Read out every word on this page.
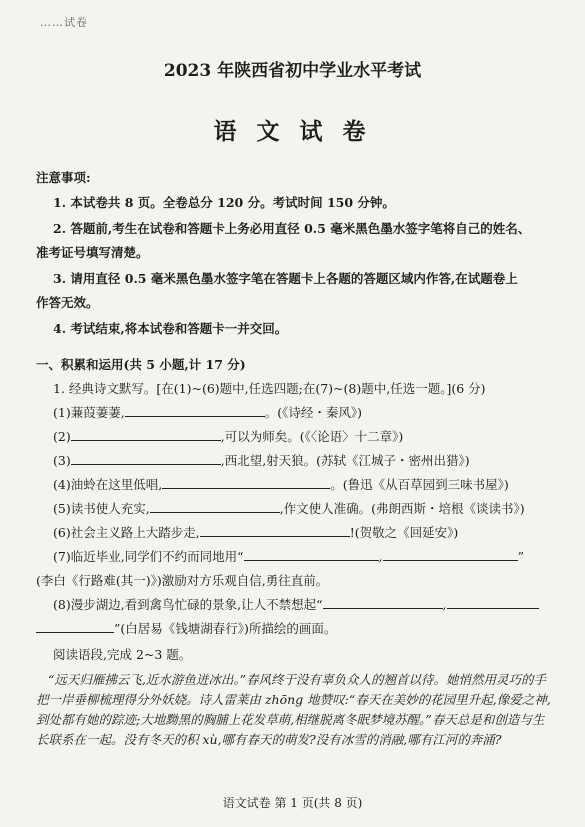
……试卷
2023 年陕西省初中学业水平考试
语 文 试 卷
注意事项:
1. 本试卷共 8 页。全卷总分 120 分。考试时间 150 分钟。
2. 答题前,考生在试卷和答题卡上务必用直径 0.5 毫米黑色墨水签字笔将自己的姓名、
准考证号填写清楚。
3. 请用直径 0.5 毫米黑色墨水签字笔在答题卡上各题的答题区域内作答,在试题卷上
作答无效。
4. 考试结束,将本试卷和答题卡一并交回。
一、积累和运用(共 5 小题,计 17 分)
1. 经典诗文默写。[在(1)~(6)题中,任选四题;在(7)~(8)题中,任选一题。](6 分)
(1)蒹葭萋萋,	。(《诗经・秦风》)
(2)	,可以为师矣。(《〈论语〉十二章》)
(3)	,西北望,射天狼。(苏轼《江城子・密州出猎》)
(4)油蛉在这里低唱,	。(鲁迅《从百草园到三味书屋》)
(5)读书使人充实,	,作文使人准确。(弗朗西斯・培根《谈读书》)
(6)社会主义路上大踏步走,	!(贺敬之《回延安》)
(7)临近毕业,同学们不约而同地用“	,	”
(李白《行路难(其一)》)激励对方乐观自信,勇往直前。
(8)漫步湖边,看到禽鸟忙碌的景象,让人不禁想起“	,
”(白居易《钱塘湖春行》)所描绘的画面。
阅读语段,完成 2~3 题。
“远天归雁拂云飞,近水游鱼迸冰出。”春风终于没有辜负众人的翘首以待。她悄然用灵巧的手把一岸垂柳梳理得分外妖娆。诗人雷莱由 zhōng 地赞叹:“春天在美妙的花园里升起,像爱之神,到处都有她的踪迹;大地黝黑的胸脯上花发草萌,相继脱离冬眠梦境苏醒。”春天总是和创造与生长联系在一起。没有冬天的积 xù,哪有春天的萌发?没有冰雪的消融,哪有江河的奔涌?
语文试卷 第 1 页(共 8 页)
